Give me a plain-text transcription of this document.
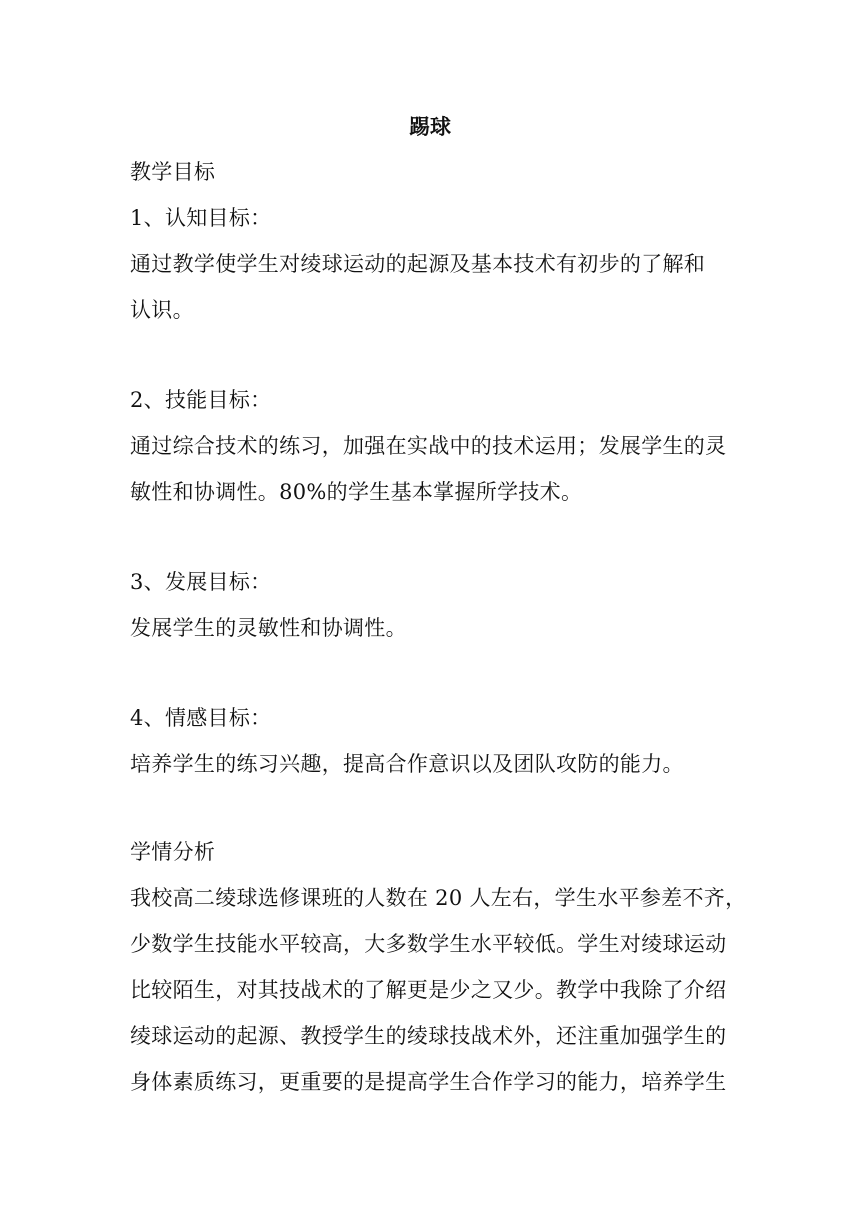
踢球
教学目标
1、认知目标：
通过教学使学生对绫球运动的起源及基本技术有初步的了解和
认识。
2、技能目标：
通过综合技术的练习，加强在实战中的技术运用；发展学生的灵
敏性和协调性。80%的学生基本掌握所学技术。
3、发展目标：
发展学生的灵敏性和协调性。
4、情感目标：
培养学生的练习兴趣，提高合作意识以及团队攻防的能力。
学情分析
我校高二绫球选修课班的人数在 20 人左右，学生水平参差不齐，
少数学生技能水平较高，大多数学生水平较低。学生对绫球运动
比较陌生，对其技战术的了解更是少之又少。教学中我除了介绍
绫球运动的起源、教授学生的绫球技战术外，还注重加强学生的
身体素质练习，更重要的是提高学生合作学习的能力，培养学生
